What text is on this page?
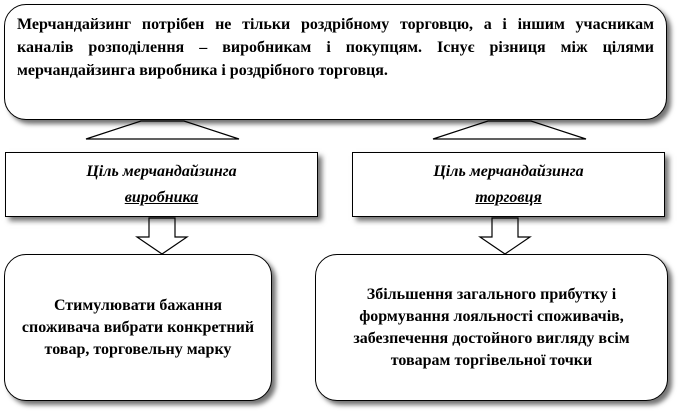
Мерчандайзинг потрібен не тільки роздрібному торговцю, а і іншим учасникам каналів розподілення – виробникам і покупцям. Існує різниця між цілями мерчандайзинга виробника і роздрібного торговця.
Ціль мерчандайзинга
виробника
Ціль мерчандайзинга
торговця
Стимулювати бажання споживача вибрати конкретний товар, торговельну марку
Збільшення загального прибутку і формування лояльності споживачів, забезпечення достойного вигляду всім товарам торгівельної точки
